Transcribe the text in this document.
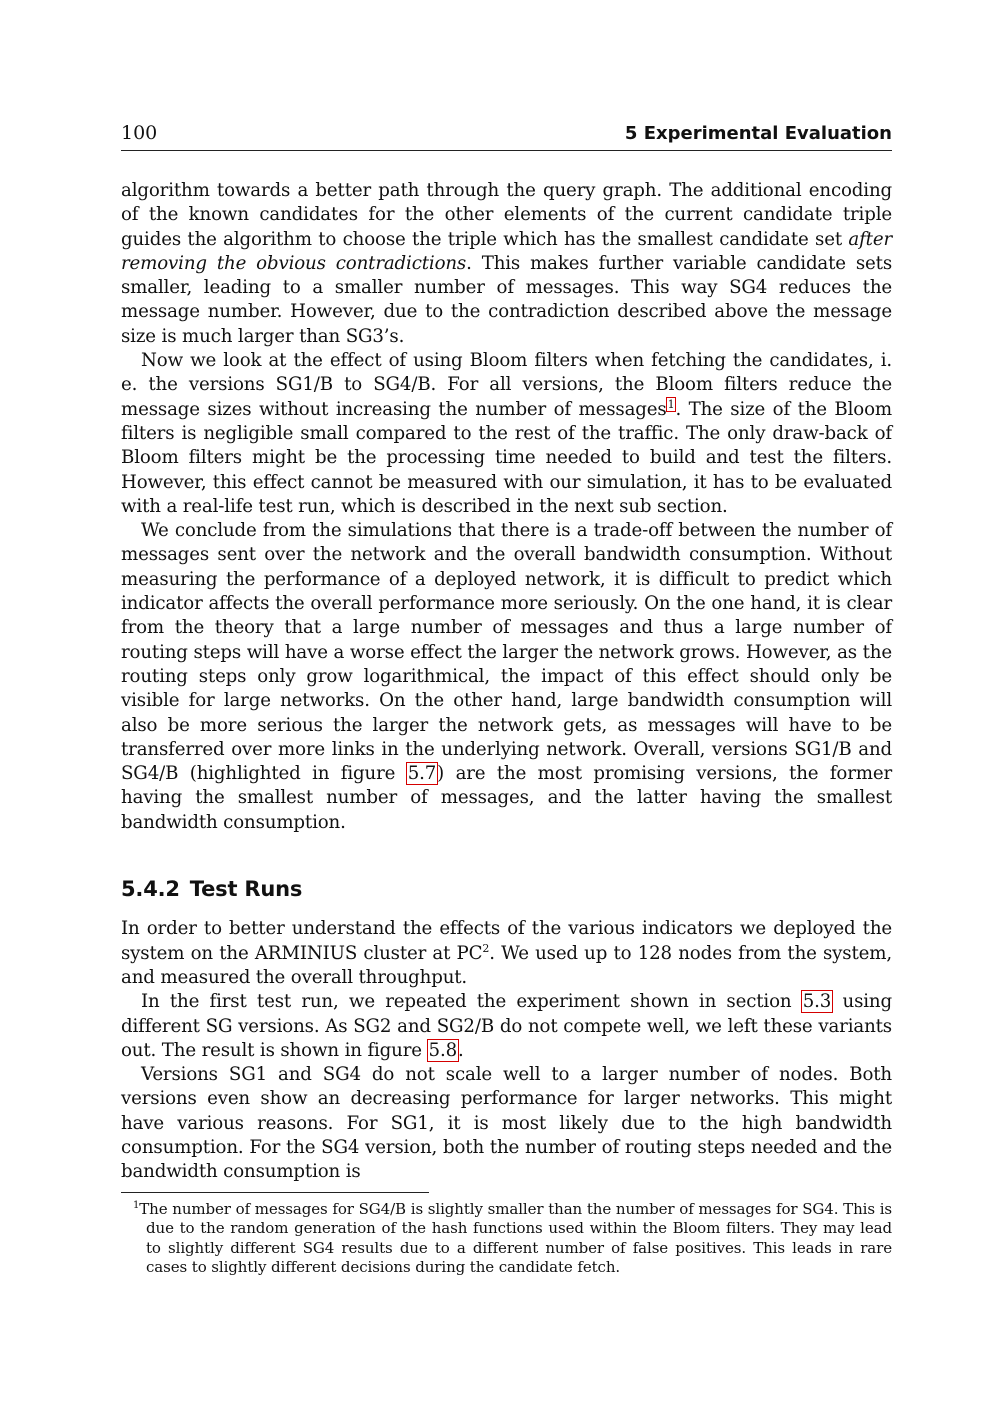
100	5 Experimental Evaluation

algorithm towards a better path through the query graph. The additional encoding of the known candidates for the other elements of the current candidate triple guides the algorithm to choose the triple which has the smallest candidate set after removing the obvious contradictions. This makes further variable candidate sets smaller, leading to a smaller number of messages. This way SG4 reduces the message number. However, due to the contradiction described above the message size is much larger than SG3’s.

Now we look at the effect of using Bloom filters when fetching the candidates, i. e. the versions SG1/B to SG4/B. For all versions, the Bloom filters reduce the message sizes without increasing the number of messages$^1$. The size of the Bloom filters is negligible small compared to the rest of the traffic. The only draw-back of Bloom filters might be the processing time needed to build and test the filters. However, this effect cannot be measured with our simulation, it has to be evaluated with a real-life test run, which is described in the next sub section.

We conclude from the simulations that there is a trade-off between the number of messages sent over the network and the overall bandwidth consumption. Without measuring the performance of a deployed network, it is difficult to predict which indicator affects the overall performance more seriously. On the one hand, it is clear from the theory that a large number of messages and thus a large number of routing steps will have a worse effect the larger the network grows. However, as the routing steps only grow logarithmical, the impact of this effect should only be visible for large networks. On the other hand, large bandwidth consumption will also be more serious the larger the network gets, as messages will have to be transferred over more links in the underlying network. Overall, versions SG1/B and SG4/B (highlighted in figure 5.7) are the most promising versions, the former having the smallest number of messages, and the latter having the smallest bandwidth consumption.

5.4.2 Test Runs

In order to better understand the effects of the various indicators we deployed the system on the ARMINIUS cluster at $PC^2$. We used up to 128 nodes from the system, and measured the overall throughput.

In the first test run, we repeated the experiment shown in section 5.3 using different SG versions. As SG2 and SG2/B do not compete well, we left these variants out. The result is shown in figure 5.8.

Versions SG1 and SG4 do not scale well to a larger number of nodes. Both versions even show an decreasing performance for larger networks. This might have various reasons. For SG1, it is most likely due to the high bandwidth consumption. For the SG4 version, both the number of routing steps needed and the bandwidth consumption is

$^1$The number of messages for SG4/B is slightly smaller than the number of messages for SG4. This is due to the random generation of the hash functions used within the Bloom filters. They may lead to slightly different SG4 results due to a different number of false positives. This leads in rare cases to slightly different decisions during the candidate fetch.
